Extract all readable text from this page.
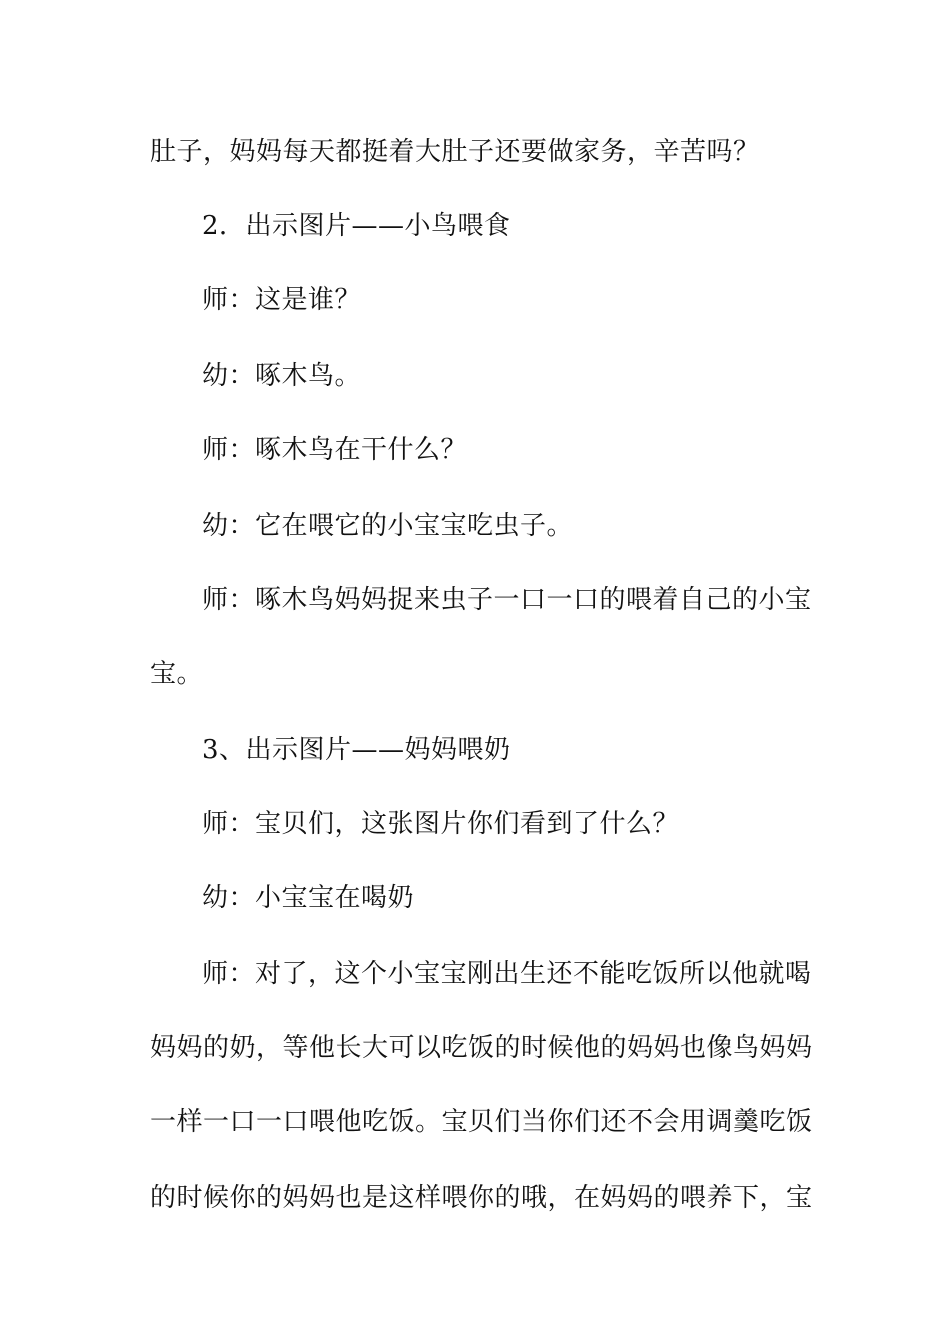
肚子，妈妈每天都挺着大肚子还要做家务，辛苦吗？
2．出示图片——小鸟喂食
师：这是谁？
幼：啄木鸟。
师：啄木鸟在干什么？
幼：它在喂它的小宝宝吃虫子。
师：啄木鸟妈妈捉来虫子一口一口的喂着自己的小宝
宝。
3、出示图片——妈妈喂奶
师：宝贝们，这张图片你们看到了什么？
幼：小宝宝在喝奶
师：对了，这个小宝宝刚出生还不能吃饭所以他就喝
妈妈的奶，等他长大可以吃饭的时候他的妈妈也像鸟妈妈
一样一口一口喂他吃饭。宝贝们当你们还不会用调羹吃饭
的时候你的妈妈也是这样喂你的哦，在妈妈的喂养下，宝
